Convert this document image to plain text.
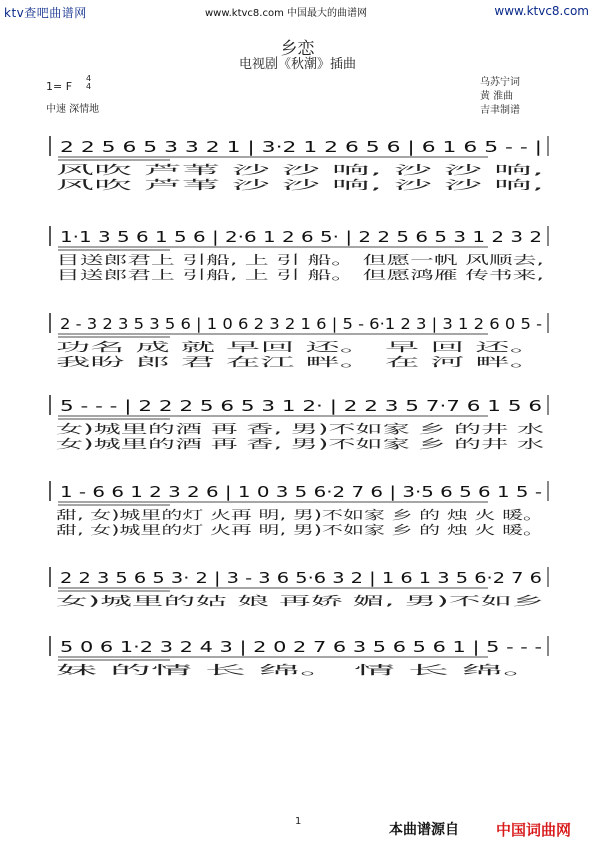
ktv查吧曲谱网	www.ktvc8.com 中国最大的曲谱网	www.ktvc8.com
乡恋
电视剧《秋潮》插曲
1= F
4
4
中速 深情地
乌苏宁词
黄 淮曲
吉聿制谱
2 2 5 6 5 3 3 2 1 | 3·2 1 2 6 5 6 | 6 1 6 5 - - |
风吹 芦苇 沙 沙 响, 沙 沙 响,
风吹 芦苇 沙 沙 响, 沙 沙 响,
1·1 3 5 6 1 5 6 | 2·6 1 2 6 5· | 2 2 5 6 5 3 1 2 3 2
目送郎君上 引船, 上 引 船。 但愿一帆 风顺去,
目送郎君上 引船, 上 引 船。 但愿鸿雁 传书来,
2 - 3 2 3 5 3 5 6 | 1 0 6 2 3 2 1 6 | 5 - 6·1 2 3 | 3 1 2 6 0 5 -
功名 成 就 早回 还。 早 回 还。
我盼 郎 君 在江 畔。 在 河 畔。
5 - - - | 2 2 2 5 6 5 3 1 2· | 2 2 3 5 7·7 6 1 5 6
女)城里的酒 再 香, 男)不如家 乡 的井 水
女)城里的酒 再 香, 男)不如家 乡 的井 水
1 - 6 6 1 2 3 2 6 | 1 0 3 5 6·2 7 6 | 3·5 6 5 6 1 5 -
甜, 女)城里的灯 火再 明, 男)不如家 乡 的 烛 火 暖。
甜, 女)城里的灯 火再 明, 男)不如家 乡 的 烛 火 暖。
2 2 3 5 6 5 3· 2 | 3 - 3 6 5·6 3 2 | 1 6 1 3 5 6·2 7 6
女)城里的姑 娘 再娇 媚, 男)不如乡
5 0 6 1·2 3 2 4 3 | 2 0 2 7 6 3 5 6 5 6 1 | 5 - - -
妹 的情 长 绵。 情 长 绵。
1
本曲谱源自 中国词曲网
